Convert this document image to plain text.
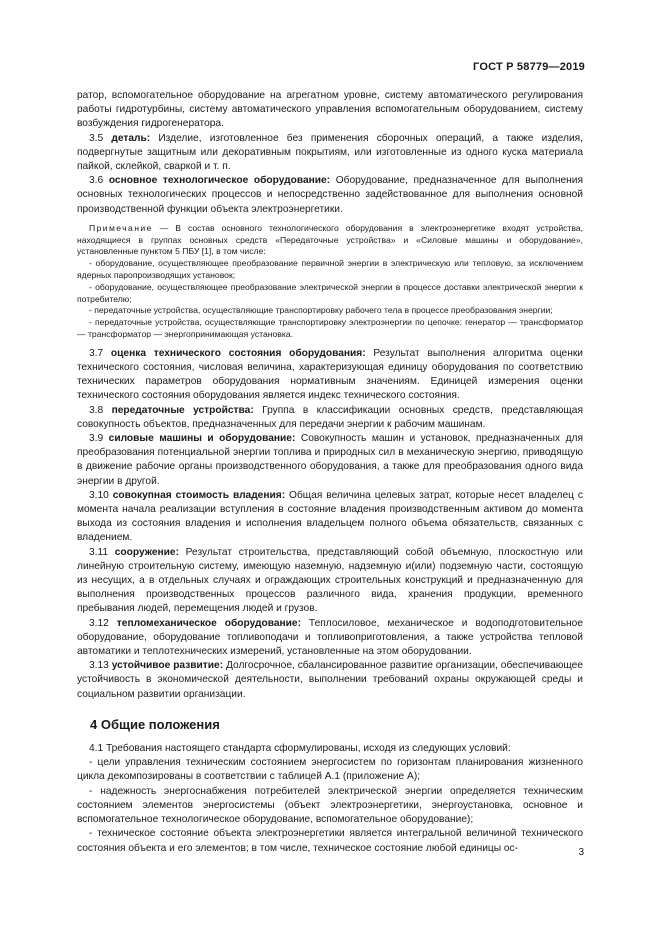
ГОСТ Р 58779—2019

ратор, вспомогательное оборудование на агрегатном уровне, систему автоматического регулирования работы гидротурбины, систему автоматического управления вспомогательным оборудованием, систему возбуждения гидрогенератора.

3.5 деталь: Изделие, изготовленное без применения сборочных операций, а также изделия, подвергнутые защитным или декоративным покрытиям, или изготовленные из одного куска материала пайкой, склейкой, сваркой и т. п.

3.6 основное технологическое оборудование: Оборудование, предназначенное для выполнения основных технологических процессов и непосредственно задействованное для выполнения основной производственной функции объекта электроэнергетики.

Примечание — В состав основного технологического оборудования в электроэнергетике входят устройства, находящиеся в группах основных средств «Передаточные устройства» и «Силовые машины и оборудование», установленные пунктом 5 ПБУ [1], в том числе:

- оборудование, осуществляющее преобразование первичной энергии в электрическую или тепловую, за исключением ядерных паропроизводящих установок;

- оборудование, осуществляющее преобразование электрической энергии в процессе доставки электрической энергии к потребителю;

- передаточные устройства, осуществляющие транспортировку рабочего тела в процессе преобразования энергии;

- передаточные устройства, осуществляющие транспортировку электроэнергии по цепочке: генератор — трансформатор — трансформатор — энергопринимающая установка.

3.7 оценка технического состояния оборудования: Результат выполнения алгоритма оценки технического состояния, числовая величина, характеризующая единицу оборудования по соответствию технических параметров оборудования нормативным значениям. Единицей измерения оценки технического состояния оборудования является индекс технического состояния.

3.8 передаточные устройства: Группа в классификации основных средств, представляющая совокупность объектов, предназначенных для передачи энергии к рабочим машинам.

3.9 силовые машины и оборудование: Совокупность машин и установок, предназначенных для преобразования потенциальной энергии топлива и природных сил в механическую энергию, приводящую в движение рабочие органы производственного оборудования, а также для преобразования одного вида энергии в другой.

3.10 совокупная стоимость владения: Общая величина целевых затрат, которые несет владелец с момента начала реализации вступления в состояние владения производственным активом до момента выхода из состояния владения и исполнения владельцем полного объема обязательств, связанных с владением.

3.11 сооружение: Результат строительства, представляющий собой объемную, плоскостную или линейную строительную систему, имеющую наземную, надземную и(или) подземную части, состоящую из несущих, а в отдельных случаях и ограждающих строительных конструкций и предназначенную для выполнения производственных процессов различного вида, хранения продукции, временного пребывания людей, перемещения людей и грузов.

3.12 тепломеханическое оборудование: Теплосиловое, механическое и водоподготовительное оборудование, оборудование топливоподачи и топливоприготовления, а также устройства тепловой автоматики и теплотехнических измерений, установленные на этом оборудовании.

3.13 устойчивое развитие: Долгосрочное, сбалансированное развитие организации, обеспечивающее устойчивость в экономической деятельности, выполнении требований охраны окружающей среды и социальном развитии организации.

4 Общие положения

4.1 Требования настоящего стандарта сформулированы, исходя из следующих условий:

- цели управления техническим состоянием энергосистем по горизонтам планирования жизненного цикла декомпозированы в соответствии с таблицей А.1 (приложение А);

- надежность энергоснабжения потребителей электрической энергии определяется техническим состоянием элементов энергосистемы (объект электроэнергетики, энергоустановка, основное и вспомогательное технологическое оборудование, вспомогательное оборудование);

- техническое состояние объекта электроэнергетики является интегральной величиной технического состояния объекта и его элементов; в том числе, техническое состояние любой единицы ос-	3
